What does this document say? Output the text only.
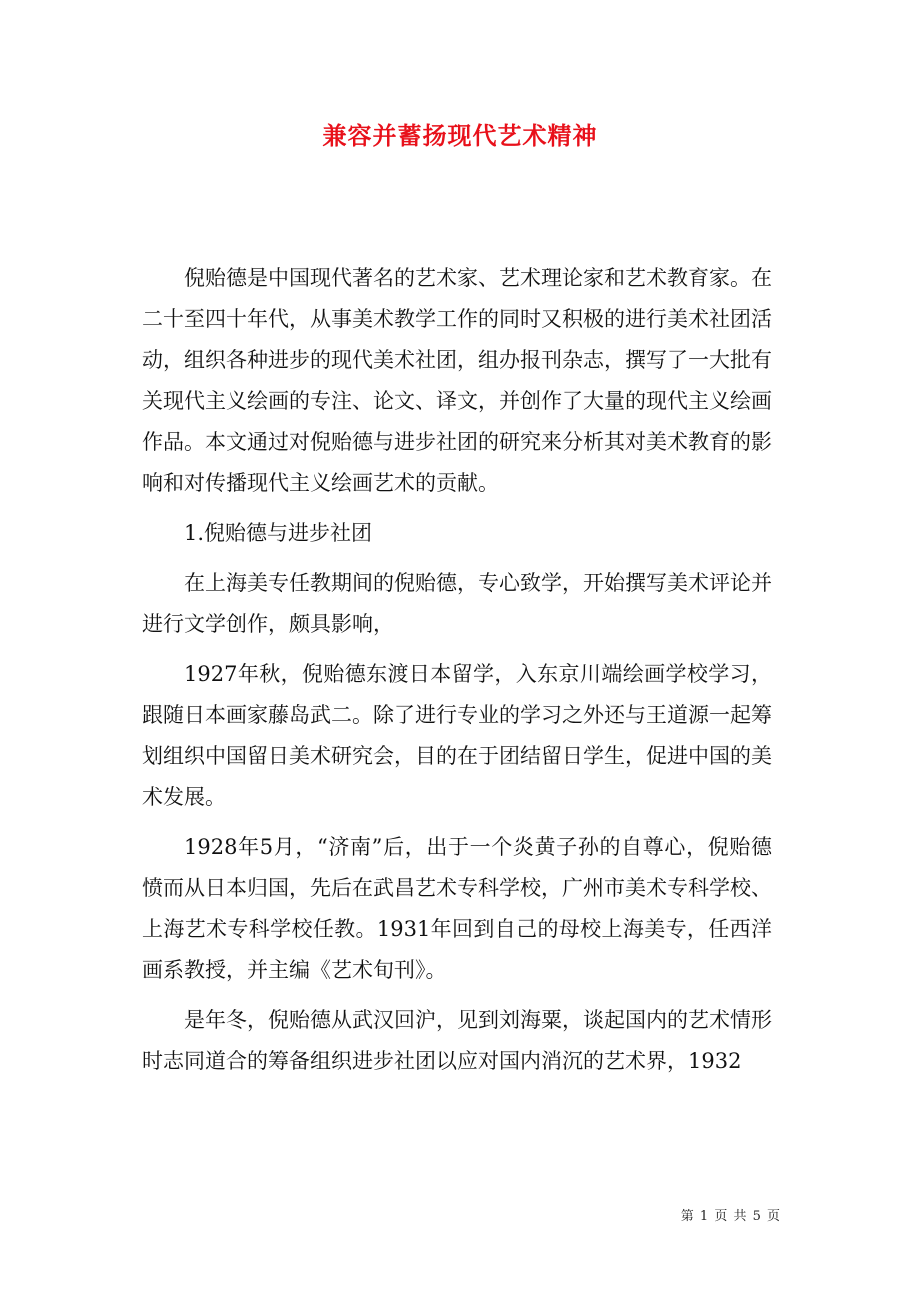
兼容并蓄扬现代艺术精神

倪贻德是中国现代著名的艺术家、艺术理论家和艺术教育家。在二十至四十年代，从事美术教学工作的同时又积极的进行美术社团活动，组织各种进步的现代美术社团，组办报刊杂志，撰写了一大批有关现代主义绘画的专注、论文、译文，并创作了大量的现代主义绘画作品。本文通过对倪贻德与进步社团的研究来分析其对美术教育的影响和对传播现代主义绘画艺术的贡献。

1.倪贻德与进步社团

在上海美专任教期间的倪贻德，专心致学，开始撰写美术评论并进行文学创作，颇具影响，

1927年秋，倪贻德东渡日本留学，入东京川端绘画学校学习，跟随日本画家藤岛武二。除了进行专业的学习之外还与王道源一起筹划组织中国留日美术研究会，目的在于团结留日学生，促进中国的美术发展。

1928年5月，“济南”后，出于一个炎黄子孙的自尊心，倪贻德愤而从日本归国，先后在武昌艺术专科学校，广州市美术专科学校、上海艺术专科学校任教。1931年回到自己的母校上海美专，任西洋画系教授，并主编《艺术旬刊》。

是年冬，倪贻德从武汉回沪，见到刘海粟，谈起国内的艺术情形时志同道合的筹备组织进步社团以应对国内消沉的艺术界，1932

第 1 页 共 5 页
